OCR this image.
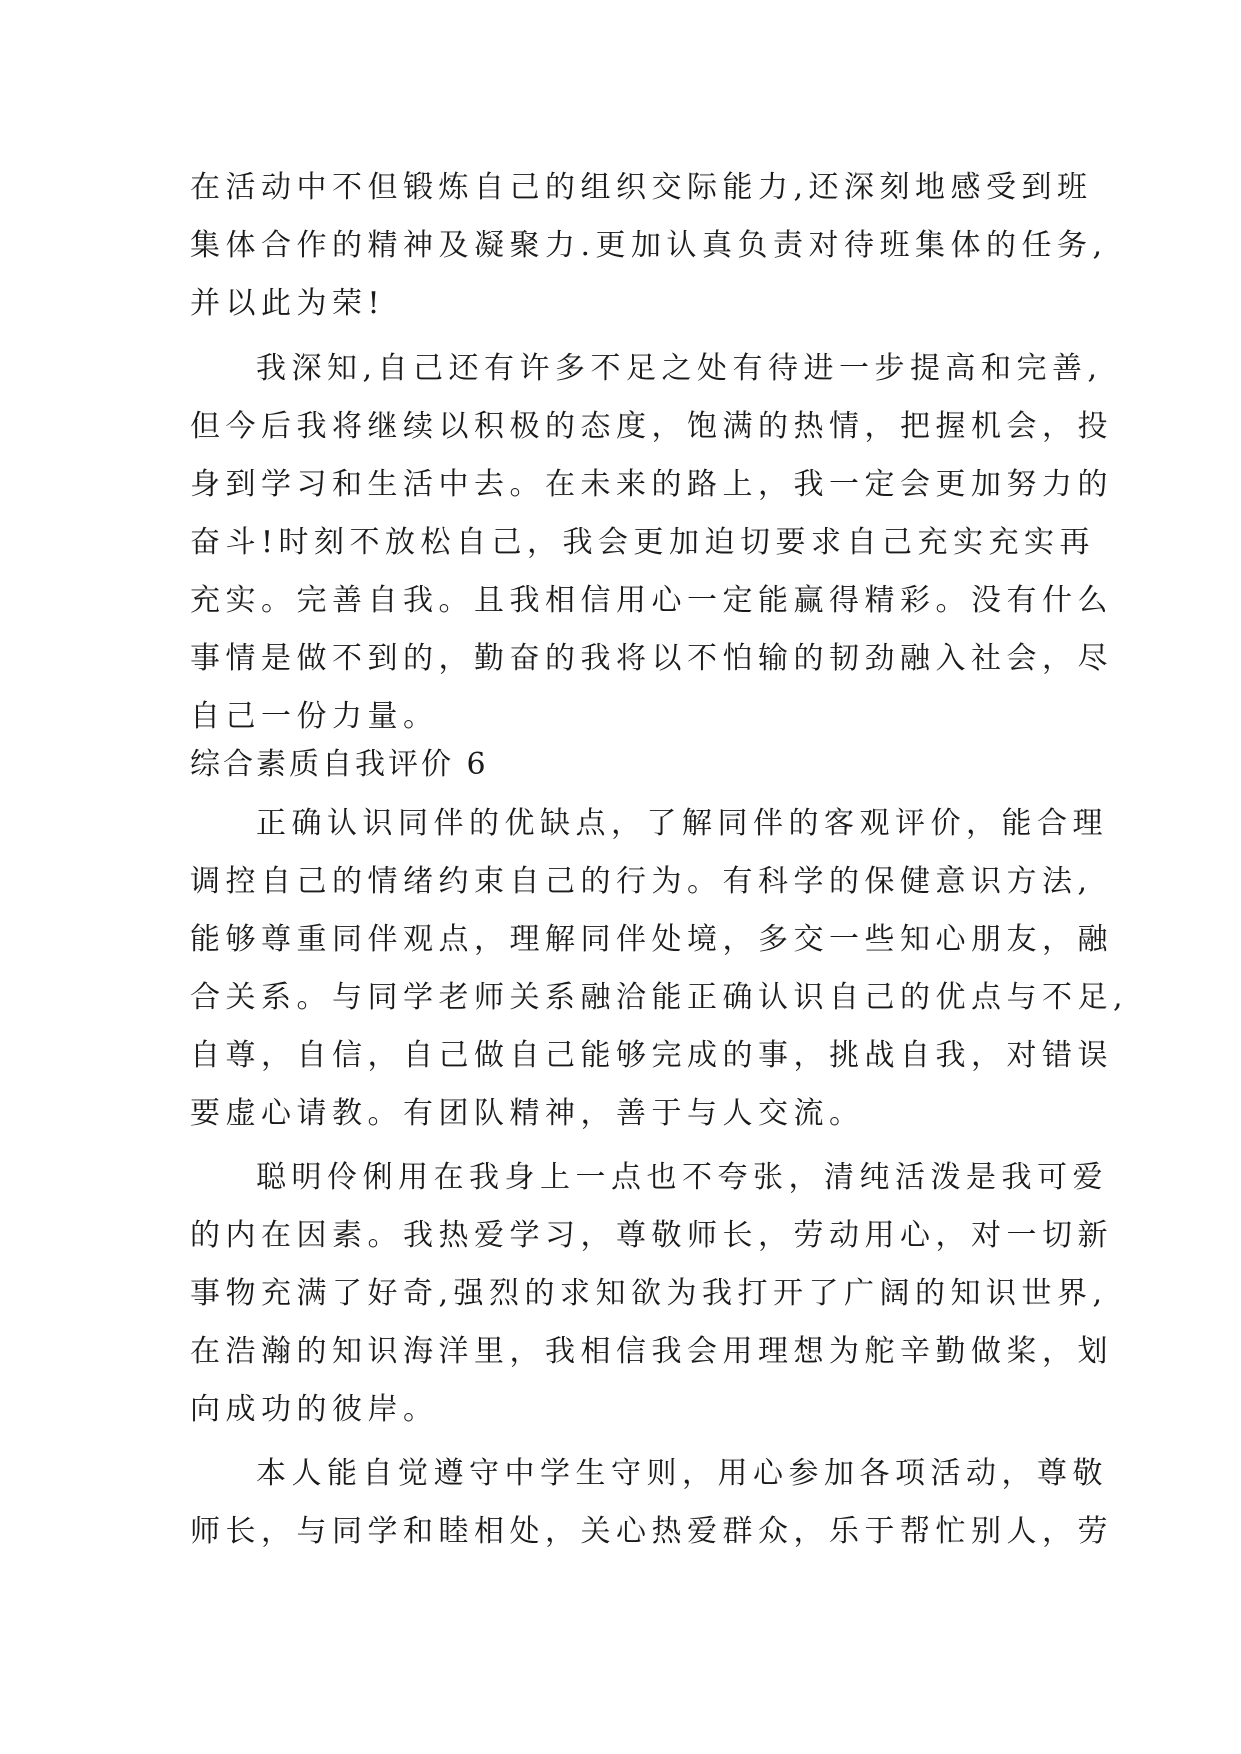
在活动中不但锻炼自己的组织交际能力,还深刻地感受到班
集体合作的精神及凝聚力.更加认真负责对待班集体的任务,
并以此为荣!
我深知,自己还有许多不足之处有待进一步提高和完善,
但今后我将继续以积极的态度，饱满的热情，把握机会，投
身到学习和生活中去。在未来的路上，我一定会更加努力的
奋斗!时刻不放松自己，我会更加迫切要求自己充实充实再
充实。完善自我。且我相信用心一定能赢得精彩。没有什么
事情是做不到的，勤奋的我将以不怕输的韧劲融入社会，尽
自己一份力量。
综合素质自我评价 6
正确认识同伴的优缺点，了解同伴的客观评价，能合理
调控自己的情绪约束自己的行为。有科学的保健意识方法,
能够尊重同伴观点，理解同伴处境，多交一些知心朋友，融
合关系。与同学老师关系融洽能正确认识自己的优点与不足,
自尊，自信，自己做自己能够完成的事，挑战自我，对错误
要虚心请教。有团队精神，善于与人交流。
聪明伶俐用在我身上一点也不夸张，清纯活泼是我可爱
的内在因素。我热爱学习，尊敬师长，劳动用心，对一切新
事物充满了好奇,强烈的求知欲为我打开了广阔的知识世界,
在浩瀚的知识海洋里，我相信我会用理想为舵辛勤做桨，划
向成功的彼岸。
本人能自觉遵守中学生守则，用心参加各项活动，尊敬
师长，与同学和睦相处，关心热爱群众，乐于帮忙别人，劳
